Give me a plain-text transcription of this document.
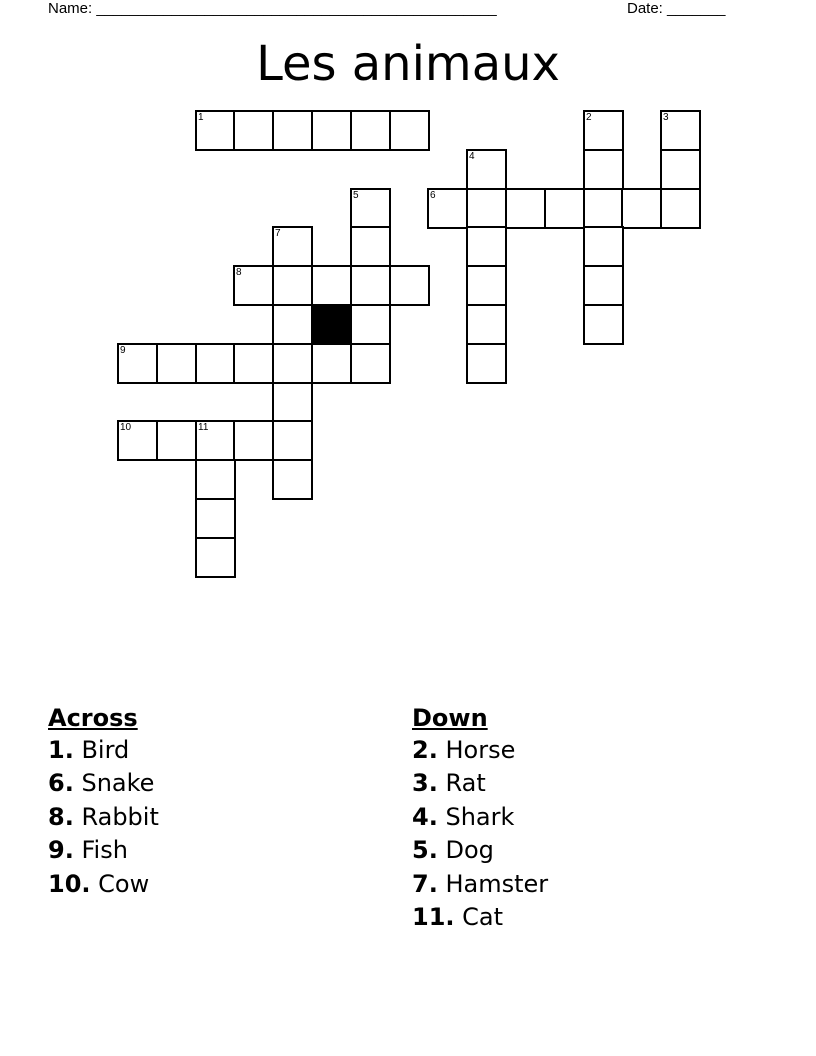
Name: ________________________________________________	Date: _______
Les animaux
1	2	3
4
5	6
7
8
9
10	11
Across
1. Bird
6. Snake
8. Rabbit
9. Fish
10. Cow
Down
2. Horse
3. Rat
4. Shark
5. Dog
7. Hamster
11. Cat
